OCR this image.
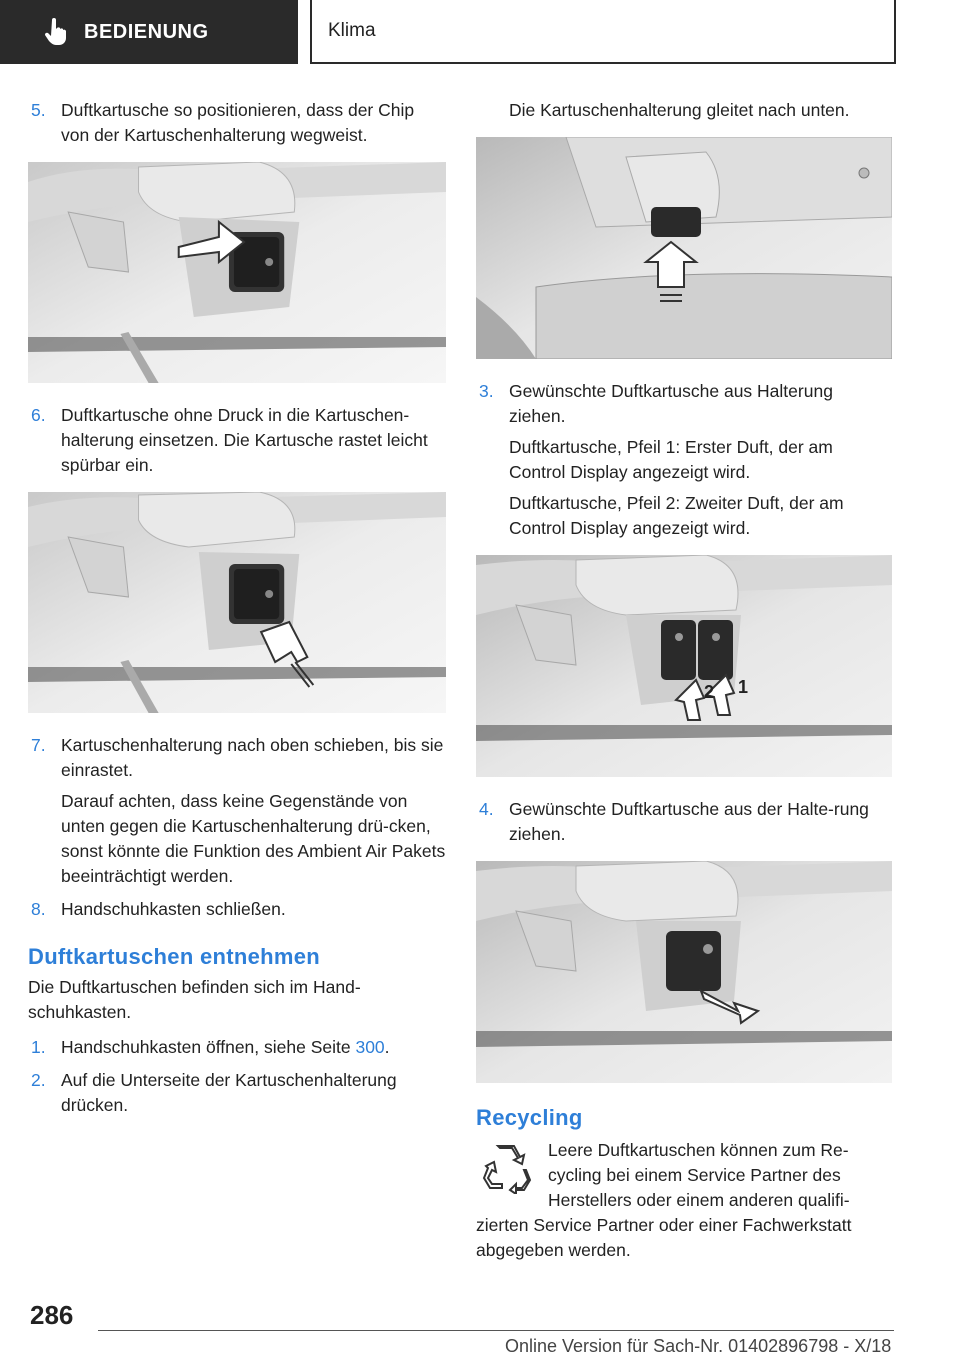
BEDIENUNG	Klima
5. Duftkartusche so positionieren, dass der Chip von der Kartuschenhalterung wegweist.

6. Duftkartusche ohne Druck in die Kartuschen-halterung einsetzen. Die Kartusche rastet leicht spürbar ein.

7. Kartuschenhalterung nach oben schieben, bis sie einrastet.

Darauf achten, dass keine Gegenstände von unten gegen die Kartuschenhalterung drü-cken, sonst könnte die Funktion des Ambient Air Pakets beeinträchtigt werden.

8. Handschuhkasten schließen.

Duftkartuschen entnehmen

Die Duftkartuschen befinden sich im Hand-schuhkasten.

1. Handschuhkasten öffnen, siehe Seite 300.

2. Auf die Unterseite der Kartuschenhalterung drücken.

Die Kartuschenhalterung gleitet nach unten.

3. Gewünschte Duftkartusche aus Halterung ziehen.

Duftkartusche, Pfeil 1: Erster Duft, der am Control Display angezeigt wird.

Duftkartusche, Pfeil 2: Zweiter Duft, der am Control Display angezeigt wird.

1
2
4. Gewünschte Duftkartusche aus der Halte-rung ziehen.

Recycling

Leere Duftkartuschen können zum Re-cycling bei einem Service Partner des Herstellers oder einem anderen qualifi-zierten Service Partner oder einer Fachwerkstatt abgegeben werden.

286
Online Version für Sach-Nr. 01402896798 - X/18
